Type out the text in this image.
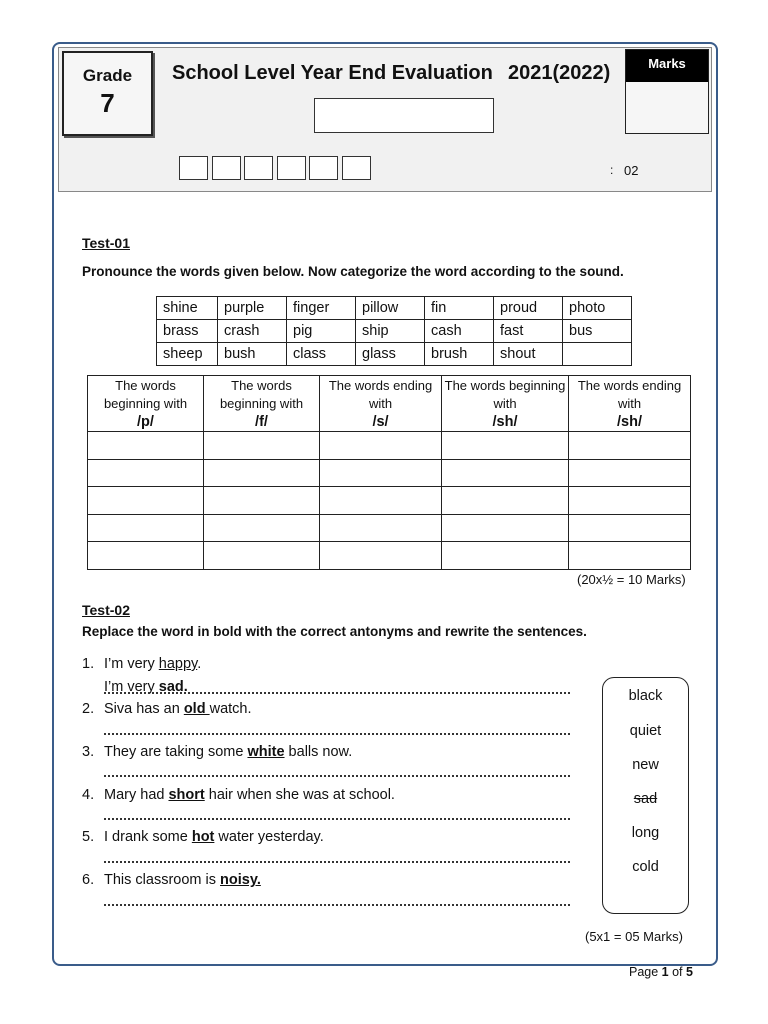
Grade
7
School Level Year End Evaluation 2021(2022)
: 02
Marks
Test-01
Pronounce the words given below. Now categorize the word according to the sound.
shine	purple	finger	pillow	fin	proud	photo
brass	crash	pig	ship	cash	fast	bus
sheep	bush	class	glass	brush	shout	
The words beginning with
/p/	The words beginning with
/f/	The words ending with
/s/	The words beginning with
/sh/	The words ending with
/sh/

(20x½ = 10 Marks)
Test-02
Replace the word in bold with the correct antonyms and rewrite the sentences.
1. I’m very happy.
I’m very sad.
2. Siva has an old watch.
3. They are taking some white balls now.
4. Mary had short hair when she was at school.
5. I drank some hot water yesterday.
6. This classroom is noisy.
black
quiet
new
sad
long
cold
(5x1 = 05 Marks)
Page 1 of 5
